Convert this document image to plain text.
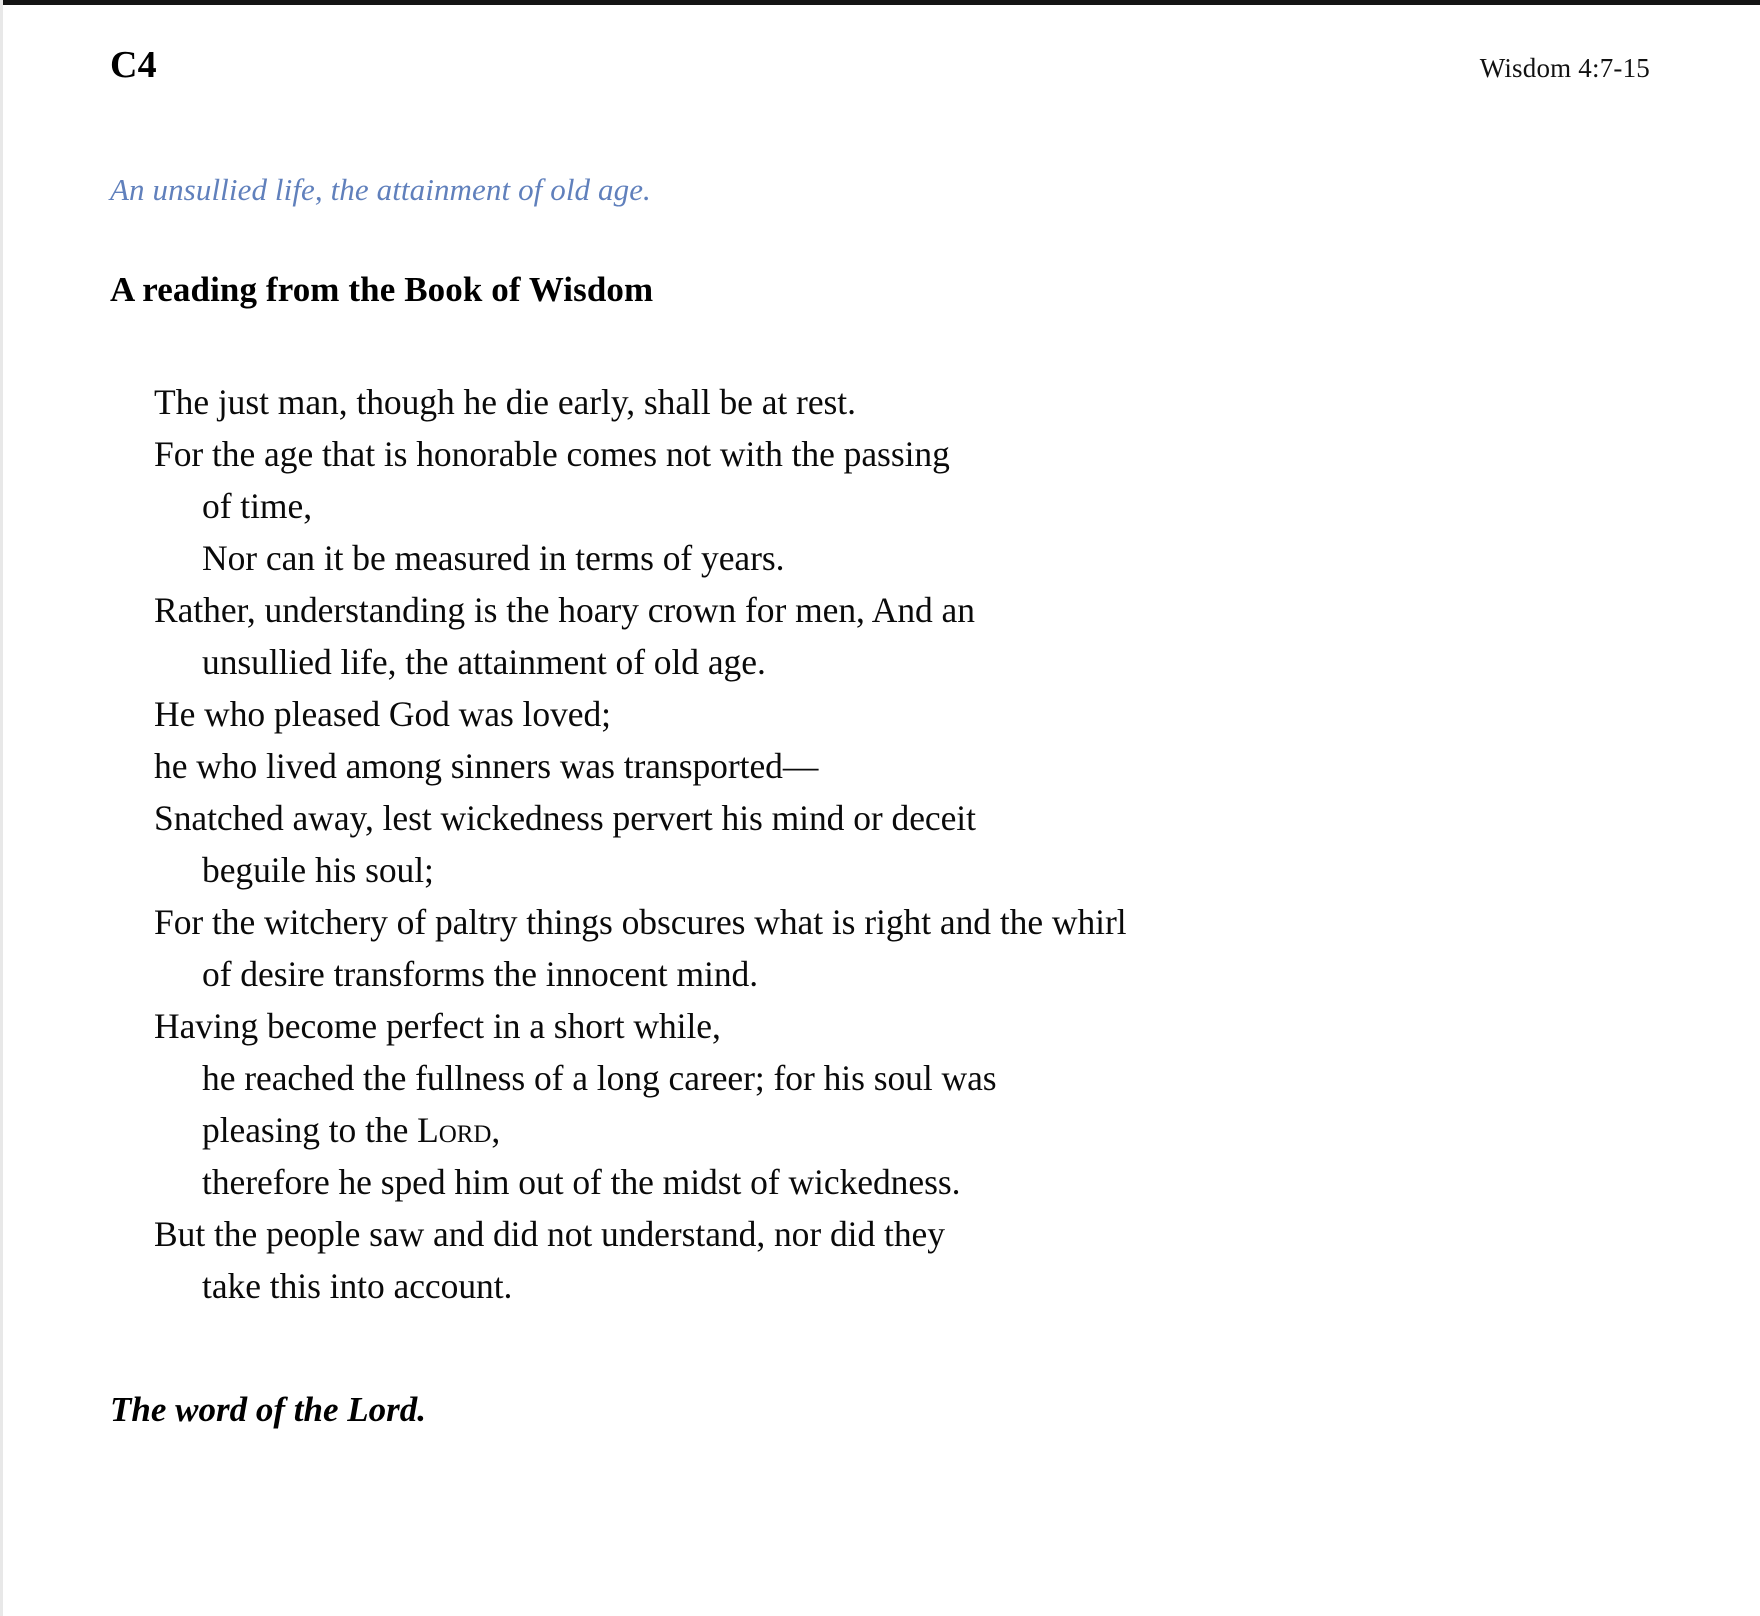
C4	Wisdom 4:7-15
An unsullied life, the attainment of old age.
A reading from the Book of Wisdom
The just man, though he die early, shall be at rest.
For the age that is honorable comes not with the passing
of time,
Nor can it be measured in terms of years.
Rather, understanding is the hoary crown for men, And an
unsullied life, the attainment of old age.
He who pleased God was loved;
he who lived among sinners was transported—
Snatched away, lest wickedness pervert his mind or deceit
beguile his soul;
For the witchery of paltry things obscures what is right and the whirl
of desire transforms the innocent mind.
Having become perfect in a short while,
he reached the fullness of a long career; for his soul was
pleasing to the Lord,
therefore he sped him out of the midst of wickedness.
But the people saw and did not understand, nor did they
take this into account.
The word of the Lord.
